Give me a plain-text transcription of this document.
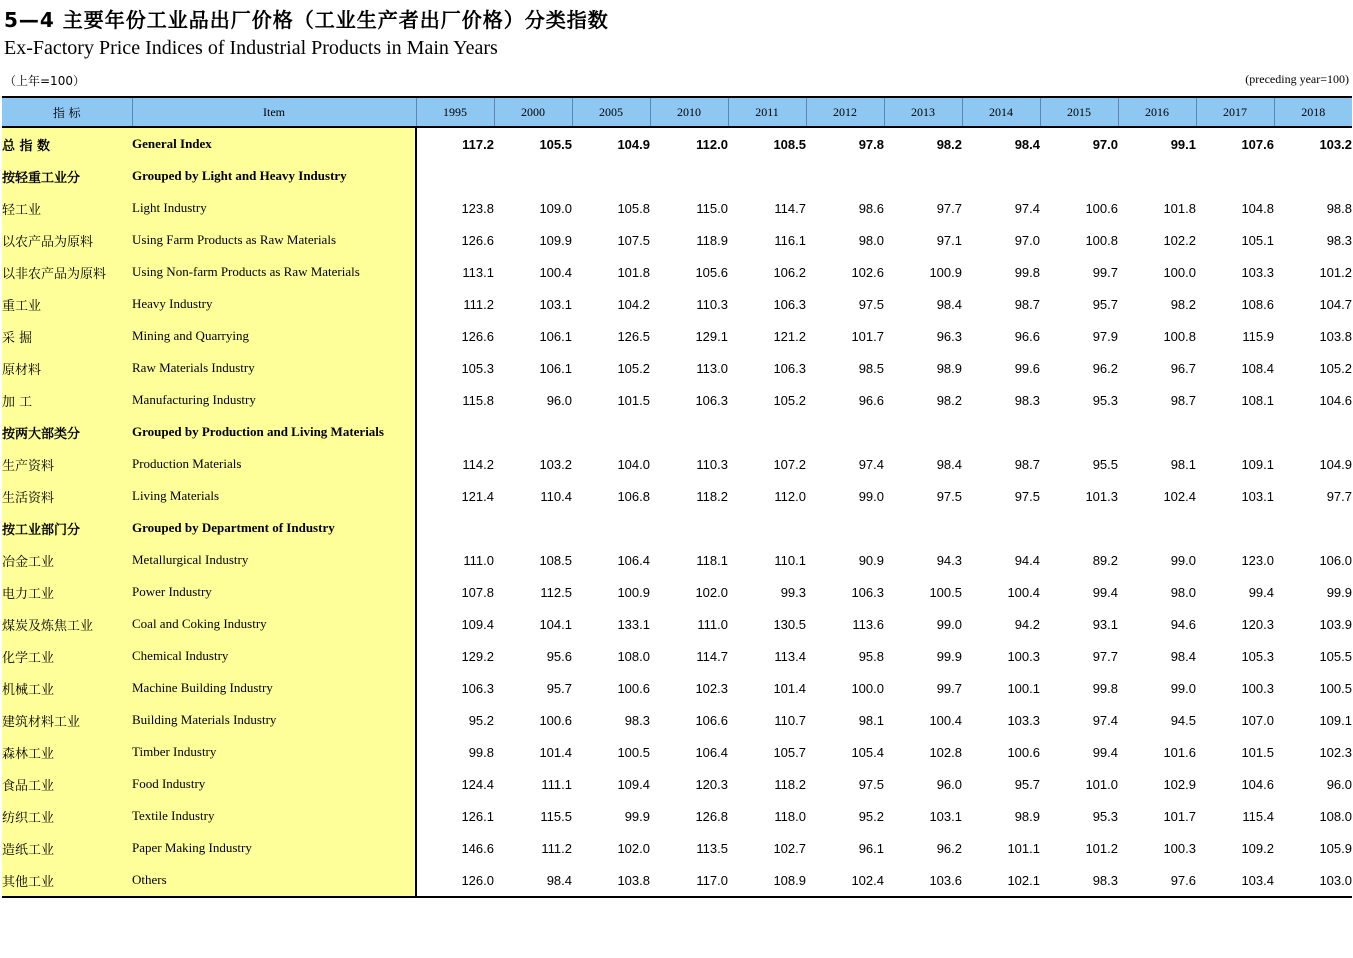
5—4 主要年份工业品出厂价格（工业生产者出厂价格）分类指数
Ex-Factory Price Indices of Industrial Products in Main Years
（上年=100）	(preceding year=100)
指 标	Item	1995	2000	2005	2010	2011	2012	2013	2014	2015	2016	2017	2018
总 指 数	General Index	117.2	105.5	104.9	112.0	108.5	97.8	98.2	98.4	97.0	99.1	107.6	103.2
按轻重工业分	Grouped by Light and Heavy Industry												
轻工业	Light Industry	123.8	109.0	105.8	115.0	114.7	98.6	97.7	97.4	100.6	101.8	104.8	98.8
以农产品为原料	Using Farm Products as Raw Materials	126.6	109.9	107.5	118.9	116.1	98.0	97.1	97.0	100.8	102.2	105.1	98.3
以非农产品为原料	Using Non-farm Products as Raw Materials	113.1	100.4	101.8	105.6	106.2	102.6	100.9	99.8	99.7	100.0	103.3	101.2
重工业	Heavy Industry	111.2	103.1	104.2	110.3	106.3	97.5	98.4	98.7	95.7	98.2	108.6	104.7
采 掘	Mining and Quarrying	126.6	106.1	126.5	129.1	121.2	101.7	96.3	96.6	97.9	100.8	115.9	103.8
原材料	Raw Materials Industry	105.3	106.1	105.2	113.0	106.3	98.5	98.9	99.6	96.2	96.7	108.4	105.2
加 工	Manufacturing Industry	115.8	96.0	101.5	106.3	105.2	96.6	98.2	98.3	95.3	98.7	108.1	104.6
按两大部类分	Grouped by Production and Living Materials												
生产资料	Production Materials	114.2	103.2	104.0	110.3	107.2	97.4	98.4	98.7	95.5	98.1	109.1	104.9
生活资料	Living Materials	121.4	110.4	106.8	118.2	112.0	99.0	97.5	97.5	101.3	102.4	103.1	97.7
按工业部门分	Grouped by Department of Industry												
冶金工业	Metallurgical Industry	111.0	108.5	106.4	118.1	110.1	90.9	94.3	94.4	89.2	99.0	123.0	106.0
电力工业	Power Industry	107.8	112.5	100.9	102.0	99.3	106.3	100.5	100.4	99.4	98.0	99.4	99.9
煤炭及炼焦工业	Coal and Coking Industry	109.4	104.1	133.1	111.0	130.5	113.6	99.0	94.2	93.1	94.6	120.3	103.9
化学工业	Chemical Industry	129.2	95.6	108.0	114.7	113.4	95.8	99.9	100.3	97.7	98.4	105.3	105.5
机械工业	Machine Building Industry	106.3	95.7	100.6	102.3	101.4	100.0	99.7	100.1	99.8	99.0	100.3	100.5
建筑材料工业	Building Materials Industry	95.2	100.6	98.3	106.6	110.7	98.1	100.4	103.3	97.4	94.5	107.0	109.1
森林工业	Timber Industry	99.8	101.4	100.5	106.4	105.7	105.4	102.8	100.6	99.4	101.6	101.5	102.3
食品工业	Food Industry	124.4	111.1	109.4	120.3	118.2	97.5	96.0	95.7	101.0	102.9	104.6	96.0
纺织工业	Textile Industry	126.1	115.5	99.9	126.8	118.0	95.2	103.1	98.9	95.3	101.7	115.4	108.0
造纸工业	Paper Making Industry	146.6	111.2	102.0	113.5	102.7	96.1	96.2	101.1	101.2	100.3	109.2	105.9
其他工业	Others	126.0	98.4	103.8	117.0	108.9	102.4	103.6	102.1	98.3	97.6	103.4	103.0
